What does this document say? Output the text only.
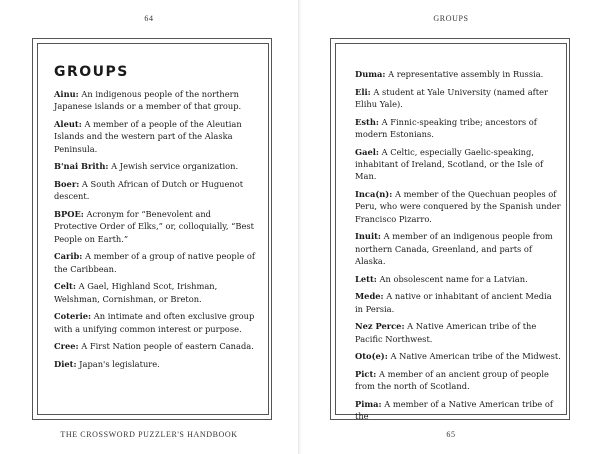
64
GROUPS
Ainu: An indigenous people of the northern Japanese islands or a member of that group.
Aleut: A member of a people of the Aleutian Islands and the western part of the Alaska Peninsula.
B'nai Brith: A Jewish service organization.
Boer: A South African of Dutch or Huguenot descent.
BPOE: Acronym for “Benevolent and Protective Order of Elks,” or, colloquially, “Best People on Earth.”
Carib: A member of a group of native people of the Caribbean.
Celt: A Gael, Highland Scot, Irishman, Welshman, Cornishman, or Breton.
Coterie: An intimate and often exclusive group with a unifying common interest or purpose.
Cree: A First Nation people of eastern Canada.
Diet: Japan's legislature.
THE CROSSWORD PUZZLER'S HANDBOOK
GROUPS
Duma: A representative assembly in Russia.
Eli: A student at Yale University (named after Elihu Yale).
Esth: A Finnic-speaking tribe; ancestors of modern Estonians.
Gael: A Celtic, especially Gaelic-speaking, inhabitant of Ireland, Scotland, or the Isle of Man.
Inca(n): A member of the Quechuan peoples of Peru, who were conquered by the Spanish under Francisco Pizarro.
Inuit: A member of an indigenous people from northern Canada, Greenland, and parts of Alaska.
Lett: An obsolescent name for a Latvian.
Mede: A native or inhabitant of ancient Media in Persia.
Nez Perce: A Native American tribe of the Pacific Northwest.
Oto(e): A Native American tribe of the Midwest.
Pict: A member of an ancient group of people from the north of Scotland.
Pima: A member of a Native American tribe of the
65
